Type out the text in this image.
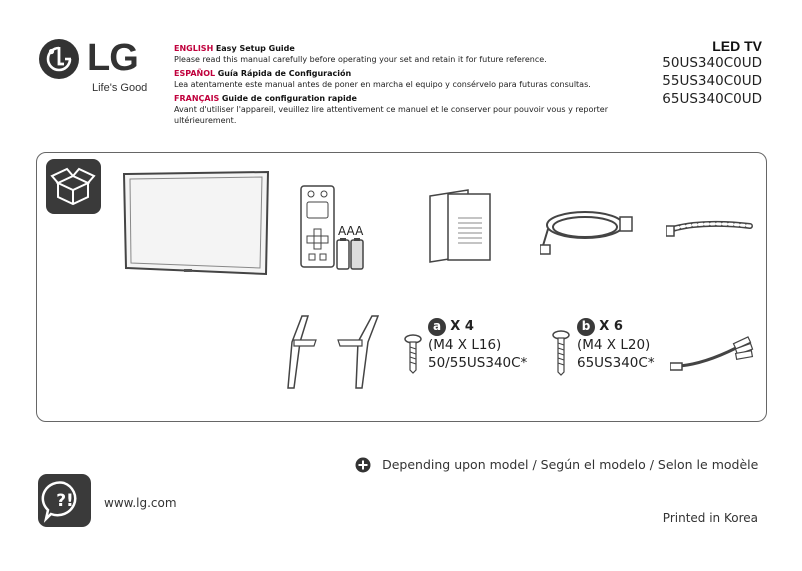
LG
Life's Good
ENGLISH Easy Setup Guide
Please read this manual carefully before operating your set and retain it for future reference.
ESPAÑOL Guía Rápida de Configuración
Lea atentamente este manual antes de poner en marcha el equipo y consérvelo para futuras consultas.
FRANÇAIS Guide de configuration rapide
Avant d'utiliser l'appareil, veuillez lire attentivement ce manuel et le conserver pour pouvoir vous y reporter
ultérieurement.
LED TV
50US340C0UD
55US340C0UD
65US340C0UD
AAA
a X 4
(M4 X L16)
50/55US340C*
b X 6
(M4 X L20)
65US340C*
Depending upon model / Según el modelo / Selon le modèle
?!	www.lg.com
Printed in Korea
